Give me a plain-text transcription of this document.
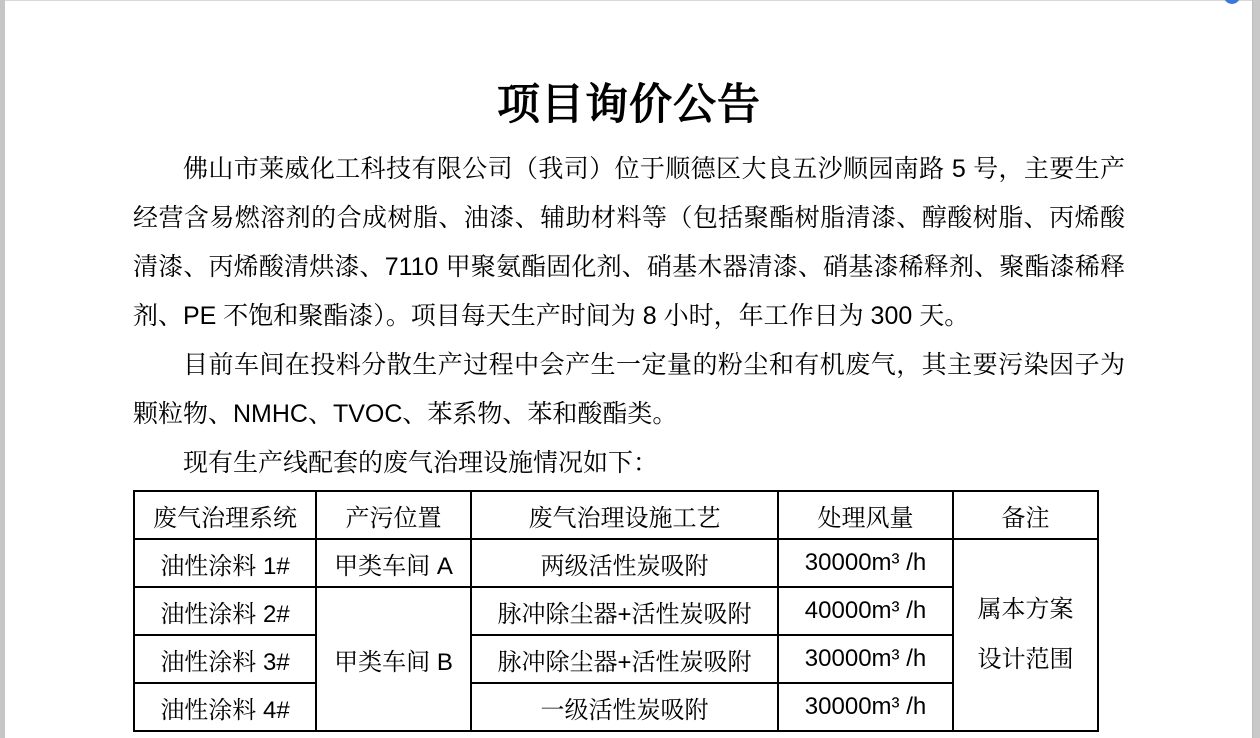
项目询价公告

佛山市莱威化工科技有限公司（我司）位于顺德区大良五沙顺园南路 5 号，主要生产经营含易燃溶剂的合成树脂、油漆、辅助材料等（包括聚酯树脂清漆、醇酸树脂、丙烯酸清漆、丙烯酸清烘漆、7110 甲聚氨酯固化剂、硝基木器清漆、硝基漆稀释剂、聚酯漆稀释剂、PE 不饱和聚酯漆）。项目每天生产时间为 8 小时，年工作日为 300 天。

目前车间在投料分散生产过程中会产生一定量的粉尘和有机废气，其主要污染因子为颗粒物、NMHC、TVOC、苯系物、苯和酸酯类。

现有生产线配套的废气治理设施情况如下：

废气治理系统	产污位置	废气治理设施工艺	处理风量	备注
油性涂料 1#	甲类车间 A	两级活性炭吸附	30000m³ /h	属本方案
设计范围

油性涂料 2#	甲类车间 B	脉冲除尘器+活性炭吸附	40000m³ /h	
油性涂料 3#		脉冲除尘器+活性炭吸附	30000m³ /h	
油性涂料 4#		一级活性炭吸附	30000m³ /h	
